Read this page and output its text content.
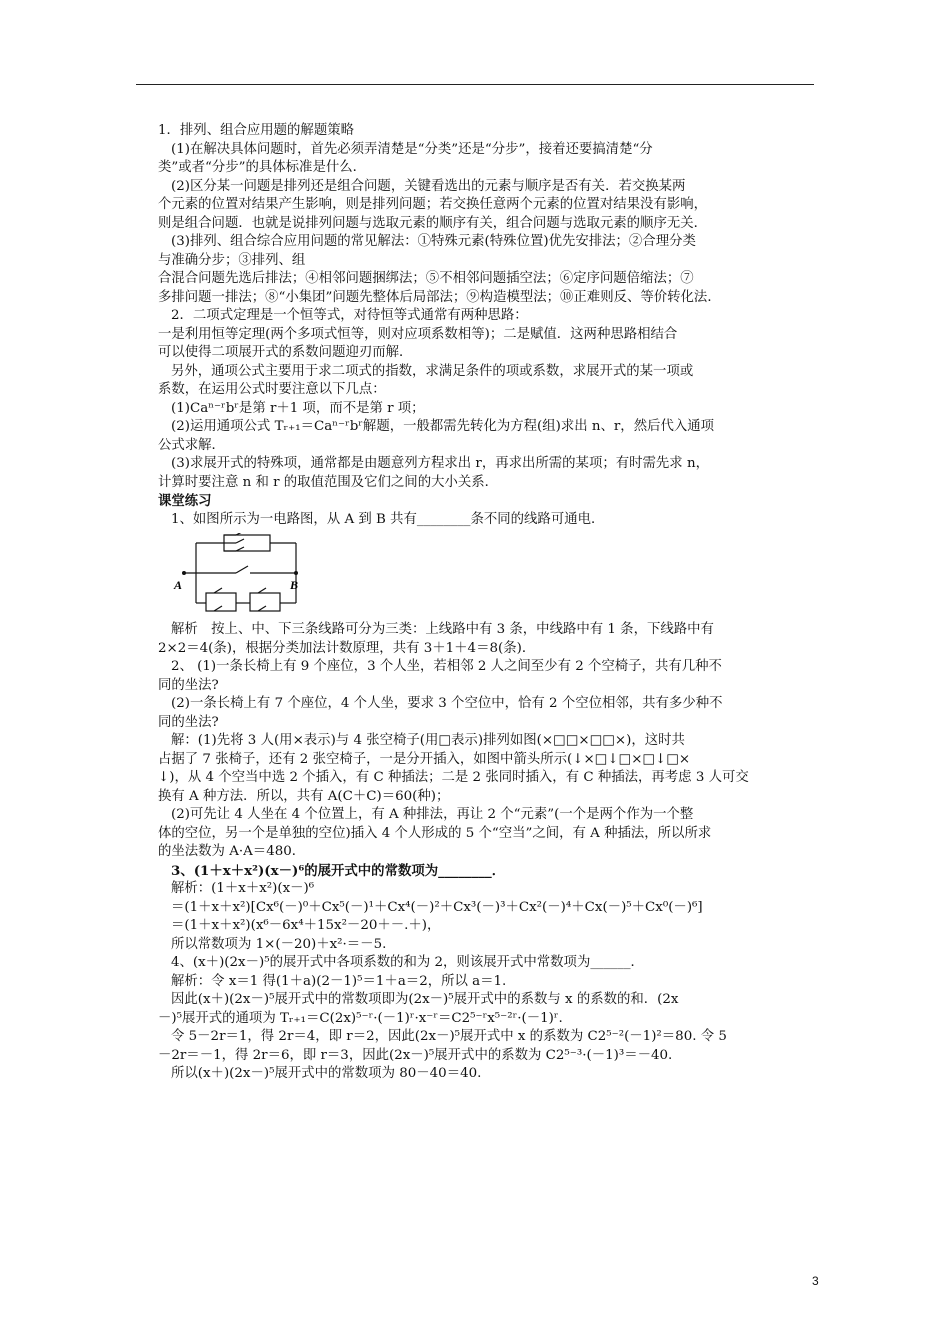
1．排列、组合应用题的解题策略

(1)在解决具体问题时，首先必须弄清楚是“分类”还是“分步”，接着还要搞清楚“分

类”或者“分步”的具体标准是什么．

(2)区分某一问题是排列还是组合问题，关键看选出的元素与顺序是否有关．若交换某两

个元素的位置对结果产生影响，则是排列问题；若交换任意两个元素的位置对结果没有影响，

则是组合问题．也就是说排列问题与选取元素的顺序有关，组合问题与选取元素的顺序无关．

(3)排列、组合综合应用问题的常见解法：①特殊元素(特殊位置)优先安排法；②合理分类

与准确分步；③排列、组

合混合问题先选后排法；④相邻问题捆绑法；⑤不相邻问题插空法；⑥定序问题倍缩法；⑦

多排问题一排法；⑧“小集团”问题先整体后局部法；⑨构造模型法；⑩正难则反、等价转化法．

2．二项式定理是一个恒等式，对待恒等式通常有两种思路：

一是利用恒等定理(两个多项式恒等，则对应项系数相等)；二是赋值．这两种思路相结合

可以使得二项展开式的系数问题迎刃而解．

另外，通项公式主要用于求二项式的指数，求满足条件的项或系数，求展开式的某一项或

系数，在运用公式时要注意以下几点：

(1)Caⁿ⁻ʳbʳ是第 r＋1 项，而不是第 r 项；

(2)运用通项公式 Tᵣ₊₁＝Caⁿ⁻ʳbʳ解题，一般都需先转化为方程(组)求出 n、r，然后代入通项

公式求解．

(3)求展开式的特殊项，通常都是由题意列方程求出 r，再求出所需的某项；有时需先求 n，

计算时要注意 n 和 r 的取值范围及它们之间的大小关系．

课堂练习

1、如图所示为一电路图，从 A 到 B 共有________条不同的线路可通电．

A	B

解析　按上、中、下三条线路可分为三类：上线路中有 3 条，中线路中有 1 条，下线路中有

2×2＝4(条)，根据分类加法计数原理，共有 3＋1＋4＝8(条)．

2、 (1)一条长椅上有 9 个座位，3 个人坐，若相邻 2 人之间至少有 2 个空椅子，共有几种不

同的坐法?

(2)一条长椅上有 7 个座位，4 个人坐，要求 3 个空位中，恰有 2 个空位相邻，共有多少种不

同的坐法?

解：(1)先将 3 人(用×表示)与 4 张空椅子(用□表示)排列如图(×□□×□□×)，这时共

占据了 7 张椅子，还有 2 张空椅子，一是分开插入，如图中箭头所示(↓×□↓□×□↓□×

↓)，从 4 个空当中选 2 个插入，有 C 种插法；二是 2 张同时插入，有 C 种插法，再考虑 3 人可交

换有 A 种方法．所以，共有 A(C＋C)＝60(种)；

(2)可先让 4 人坐在 4 个位置上，有 A 种排法，再让 2 个“元素”(一个是两个作为一个整

体的空位，另一个是单独的空位)插入 4 个人形成的 5 个“空当”之间，有 A 种插法，所以所求

的坐法数为 A·A＝480．

3、(1＋x＋x²)(x－)⁶的展开式中的常数项为________．

解析：(1＋x＋x²)(x－)⁶

＝(1＋x＋x²)[Cx⁶(－)⁰＋Cx⁵(－)¹＋Cx⁴(－)²＋Cx³(－)³＋Cx²(－)⁴＋Cx(－)⁵＋Cx⁰(－)⁶]

＝(1＋x＋x²)(x⁶－6x⁴＋15x²－20＋－.＋)，

所以常数项为 1×(－20)＋x²·＝－5.

4、(x＋)(2x－)⁵的展开式中各项系数的和为 2，则该展开式中常数项为______．

解析：令 x＝1 得(1＋a)(2－1)⁵＝1＋a＝2，所以 a＝1.

因此(x＋)(2x－)⁵展开式中的常数项即为(2x－)⁵展开式中的系数与 x 的系数的和．(2x

－)⁵展开式的通项为 Tᵣ₊₁＝C(2x)⁵⁻ʳ·(－1)ʳ·x⁻ʳ＝C2⁵⁻ʳx⁵⁻²ʳ·(－1)ʳ.

令 5－2r＝1，得 2r＝4，即 r＝2，因此(2x－)⁵展开式中 x 的系数为 C2⁵⁻²(－1)²＝80. 令 5

－2r＝－1，得 2r＝6，即 r＝3，因此(2x－)⁵展开式中的系数为 C2⁵⁻³·(－1)³＝－40.

所以(x＋)(2x－)⁵展开式中的常数项为 80－40＝40.

3
